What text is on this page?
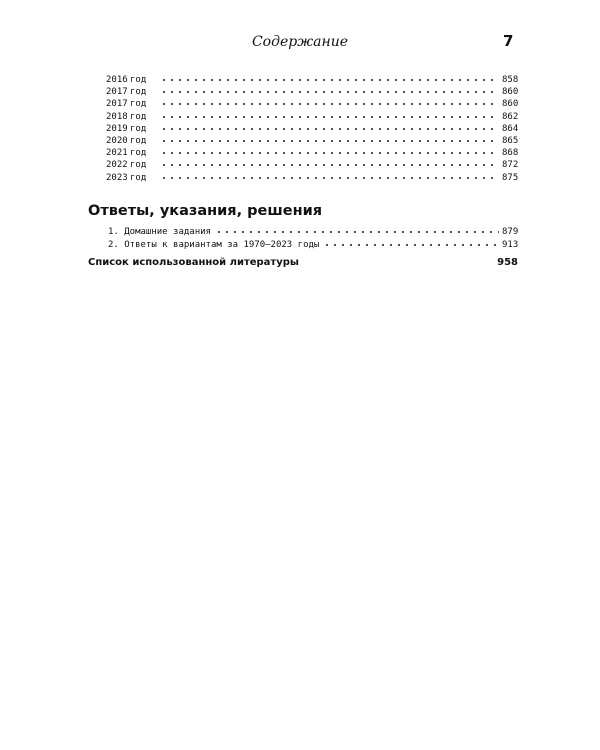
Содержание	7
2016 год	858
2017 год	860
2017 год	860
2018 год	862
2019 год	864
2020 год	865
2021 год	868
2022 год	872
2023 год	875
Ответы, указания, решения
1. Домашние задания	879
2. Ответы к вариантам за 1970–2023 годы	913
Список использованной литературы	958
